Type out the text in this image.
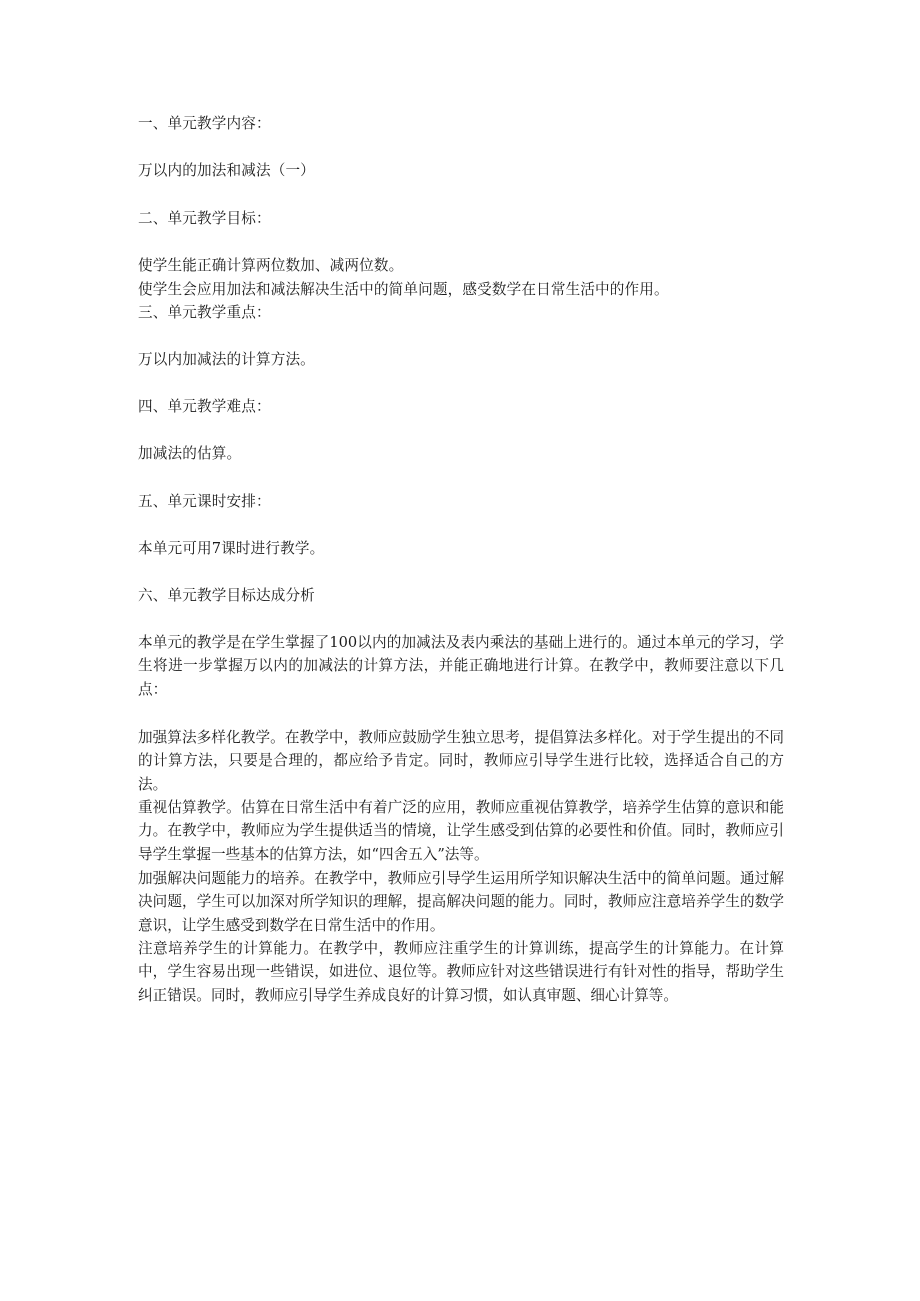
一、单元教学内容：
万以内的加法和减法（一）
二、单元教学目标：
使学生能正确计算两位数加、减两位数。
使学生会应用加法和减法解决生活中的简单问题，感受数学在日常生活中的作用。
三、单元教学重点：
万以内加减法的计算方法。
四、单元教学难点：
加减法的估算。
五、单元课时安排：
本单元可用7课时进行教学。
六、单元教学目标达成分析
本单元的教学是在学生掌握了100以内的加减法及表内乘法的基础上进行的。通过本单元的学习，学生将进一步掌握万以内的加减法的计算方法，并能正确地进行计算。在教学中，教师要注意以下几点：
加强算法多样化教学。在教学中，教师应鼓励学生独立思考，提倡算法多样化。对于学生提出的不同的计算方法，只要是合理的，都应给予肯定。同时，教师应引导学生进行比较，选择适合自己的方法。
重视估算教学。估算在日常生活中有着广泛的应用，教师应重视估算教学，培养学生估算的意识和能力。在教学中，教师应为学生提供适当的情境，让学生感受到估算的必要性和价值。同时，教师应引导学生掌握一些基本的估算方法，如“四舍五入”法等。
加强解决问题能力的培养。在教学中，教师应引导学生运用所学知识解决生活中的简单问题。通过解决问题，学生可以加深对所学知识的理解，提高解决问题的能力。同时，教师应注意培养学生的数学意识，让学生感受到数学在日常生活中的作用。
注意培养学生的计算能力。在教学中，教师应注重学生的计算训练，提高学生的计算能力。在计算中，学生容易出现一些错误，如进位、退位等。教师应针对这些错误进行有针对性的指导，帮助学生纠正错误。同时，教师应引导学生养成良好的计算习惯，如认真审题、细心计算等。
